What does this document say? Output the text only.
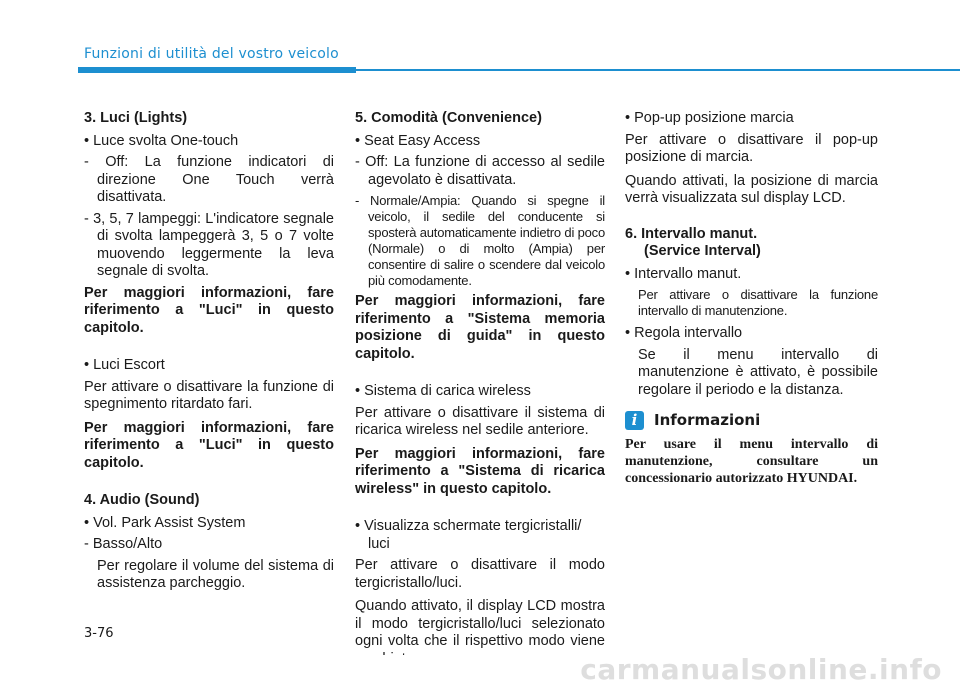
Funzioni di utilità del vostro veicolo
3. Luci (Lights)
• Luce svolta One-touch
- Off: La funzione indicatori di direzione One Touch verrà disattivata.
- 3, 5, 7 lampeggi: L'indicatore segnale di svolta lampeggerà 3, 5 o 7 volte muovendo leggermente la leva segnale di svolta.
Per maggiori informazioni, fare riferimento a "Luci" in questo capitolo.
• Luci Escort
Per attivare o disattivare la funzione di spegnimento ritardato fari.
Per maggiori informazioni, fare riferimento a "Luci" in questo capitolo.
4. Audio (Sound)
• Vol. Park Assist System
- Basso/Alto
Per regolare il volume del sistema di assistenza parcheggio.
5. Comodità (Convenience)
• Seat Easy Access
- Off: La funzione di accesso al sedile agevolato è disattivata.
- Normale/Ampia: Quando si spegne il veicolo, il sedile del conducente si sposterà automaticamente indietro di poco (Normale) o di molto (Ampia) per consentire di salire o scendere dal veicolo più comodamente.
Per maggiori informazioni, fare riferimento a "Sistema memoria posizione di guida" in questo capitolo.
• Sistema di carica wireless
Per attivare o disattivare il sistema di ricarica wireless nel sedile anteriore.
Per maggiori informazioni, fare riferimento a "Sistema di ricarica wireless" in questo capitolo.
• Visualizza schermate tergicristalli/ luci
Per attivare o disattivare il modo tergicristallo/luci.
Quando attivato, il display LCD mostra il modo tergicristallo/luci selezionato ogni volta che il rispettivo modo viene
• Pop-up posizione marcia
Per attivare o disattivare il pop-up posizione di marcia.
Quando attivati, la posizione di marcia verrà visualizzata sul display LCD.
6. Intervallo manut.
(Service Interval)
• Intervallo manut.
Per attivare o disattivare la funzione intervallo di manutenzione.
• Regola intervallo
Se il menu intervallo di manutenzione è attivato, è possibile regolare il periodo e la distanza.
i	Informazioni
Per usare il menu intervallo di manutenzione, consultare un concessionario autorizzato HYUNDAI.
3-76
carmanualsonline.info
